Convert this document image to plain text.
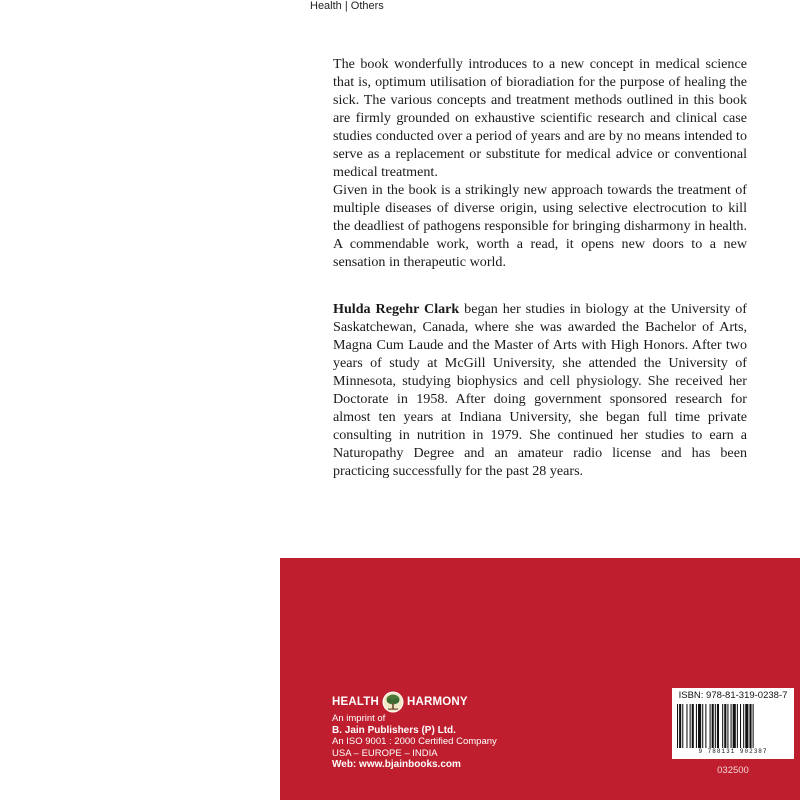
Health | Others

The book wonderfully introduces to a new concept in medical science that is, optimum utilisation of bioradiation for the purpose of healing the sick. The various concepts and treatment methods outlined in this book are firmly grounded on exhaustive scientific research and clinical case studies conducted over a period of years and are by no means intended to serve as a replacement or substitute for medical advice or conventional medical treatment.

Given in the book is a strikingly new approach towards the treatment of multiple diseases of diverse origin, using selective electrocution to kill the deadliest of pathogens responsible for bringing disharmony in health. A commendable work, worth a read, it opens new doors to a new sensation in therapeutic world.

Hulda Regehr Clark began her studies in biology at the University of Saskatchewan, Canada, where she was awarded the Bachelor of Arts, Magna Cum Laude and the Master of Arts with High Honors. After two years of study at McGill University, she attended the University of Minnesota, studying biophysics and cell physiology. She received her Doctorate in 1958. After doing government sponsored research for almost ten years at Indiana University, she began full time private consulting in nutrition in 1979. She continued her studies to earn a Naturopathy Degree and an amateur radio license and has been practicing successfully for the past 28 years.

HEALTH HARMONY
An imprint of
B. Jain Publishers (P) Ltd.
An ISO 9001 : 2000 Certified Company
USA – EUROPE – INDIA
Web: www.bjainbooks.com
ISBN: 978-81-319-0238-7
9 788131 902387
032500
